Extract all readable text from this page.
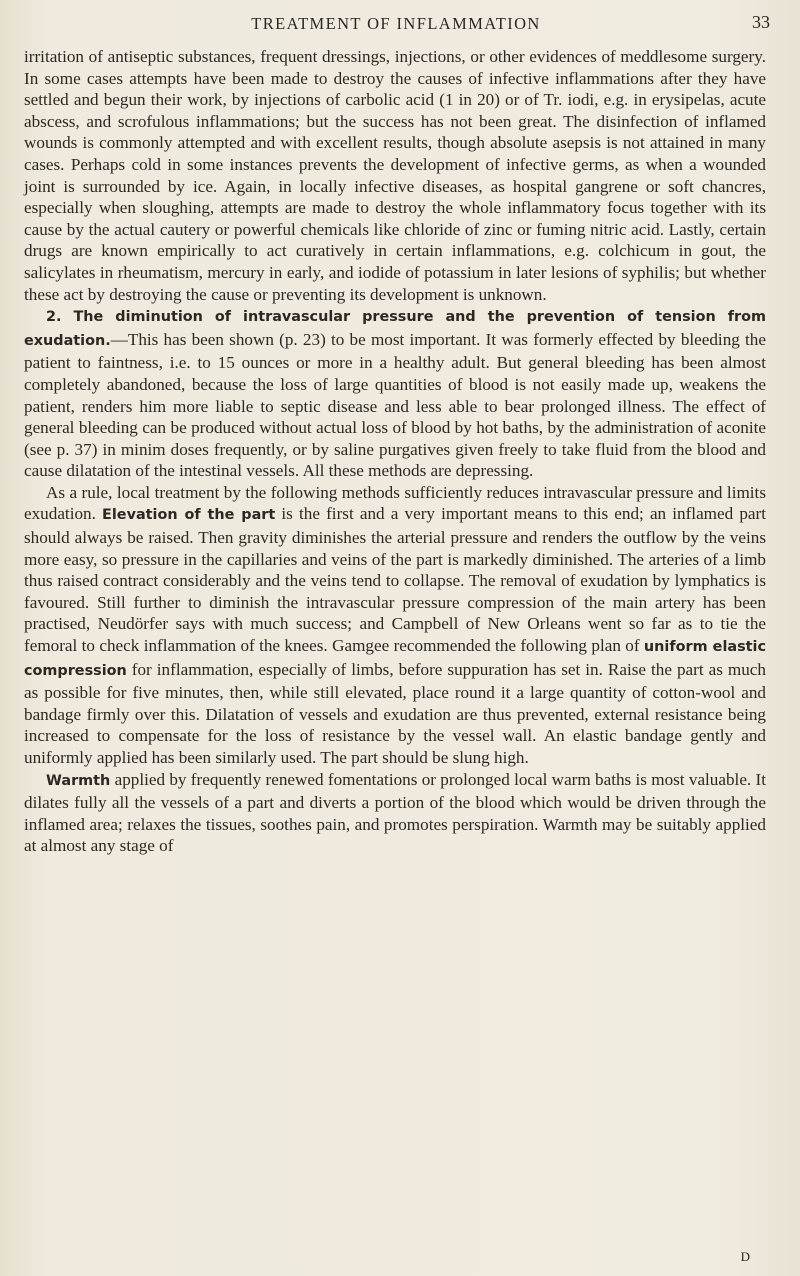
TREATMENT OF INFLAMMATION	33

irritation of antiseptic substances, frequent dressings, injections, or other evidences of meddlesome surgery. In some cases attempts have been made to destroy the causes of infective inflammations after they have settled and begun their work, by injections of carbolic acid (1 in 20) or of Tr. iodi, e.g. in erysipelas, acute abscess, and scrofulous inflammations; but the success has not been great. The disinfection of inflamed wounds is commonly attempted and with excellent results, though absolute asepsis is not attained in many cases. Perhaps cold in some instances prevents the development of infective germs, as when a wounded joint is surrounded by ice. Again, in locally infective diseases, as hospital gangrene or soft chancres, especially when sloughing, attempts are made to destroy the whole inflammatory focus together with its cause by the actual cautery or powerful chemicals like chloride of zinc or fuming nitric acid. Lastly, certain drugs are known empirically to act curatively in certain inflammations, e.g. colchicum in gout, the salicylates in rheumatism, mercury in early, and iodide of potassium in later lesions of syphilis; but whether these act by destroying the cause or preventing its development is unknown.

2. The diminution of intravascular pressure and the prevention of tension from exudation.—This has been shown (p. 23) to be most important. It was formerly effected by bleeding the patient to faintness, i.e. to 15 ounces or more in a healthy adult. But general bleeding has been almost completely abandoned, because the loss of large quantities of blood is not easily made up, weakens the patient, renders him more liable to septic disease and less able to bear prolonged illness. The effect of general bleeding can be produced without actual loss of blood by hot baths, by the administration of aconite (see p. 37) in minim doses frequently, or by saline purgatives given freely to take fluid from the blood and cause dilatation of the intestinal vessels. All these methods are depressing.

As a rule, local treatment by the following methods sufficiently reduces intravascular pressure and limits exudation. Elevation of the part is the first and a very important means to this end; an inflamed part should always be raised. Then gravity diminishes the arterial pressure and renders the outflow by the veins more easy, so pressure in the capillaries and veins of the part is markedly diminished. The arteries of a limb thus raised contract considerably and the veins tend to collapse. The removal of exudation by lymphatics is favoured. Still further to diminish the intravascular pressure compression of the main artery has been practised, Neudörfer says with much success; and Campbell of New Orleans went so far as to tie the femoral to check inflammation of the knees. Gamgee recommended the following plan of uniform elastic compression for inflammation, especially of limbs, before suppuration has set in. Raise the part as much as possible for five minutes, then, while still elevated, place round it a large quantity of cotton-wool and bandage firmly over this. Dilatation of vessels and exudation are thus prevented, external resistance being increased to compensate for the loss of resistance by the vessel wall. An elastic bandage gently and uniformly applied has been similarly used. The part should be slung high.

Warmth applied by frequently renewed fomentations or prolonged local warm baths is most valuable. It dilates fully all the vessels of a part and diverts a portion of the blood which would be driven through the inflamed area; relaxes the tissues, soothes pain, and promotes perspiration. Warmth may be suitably applied at almost any stage of

D
